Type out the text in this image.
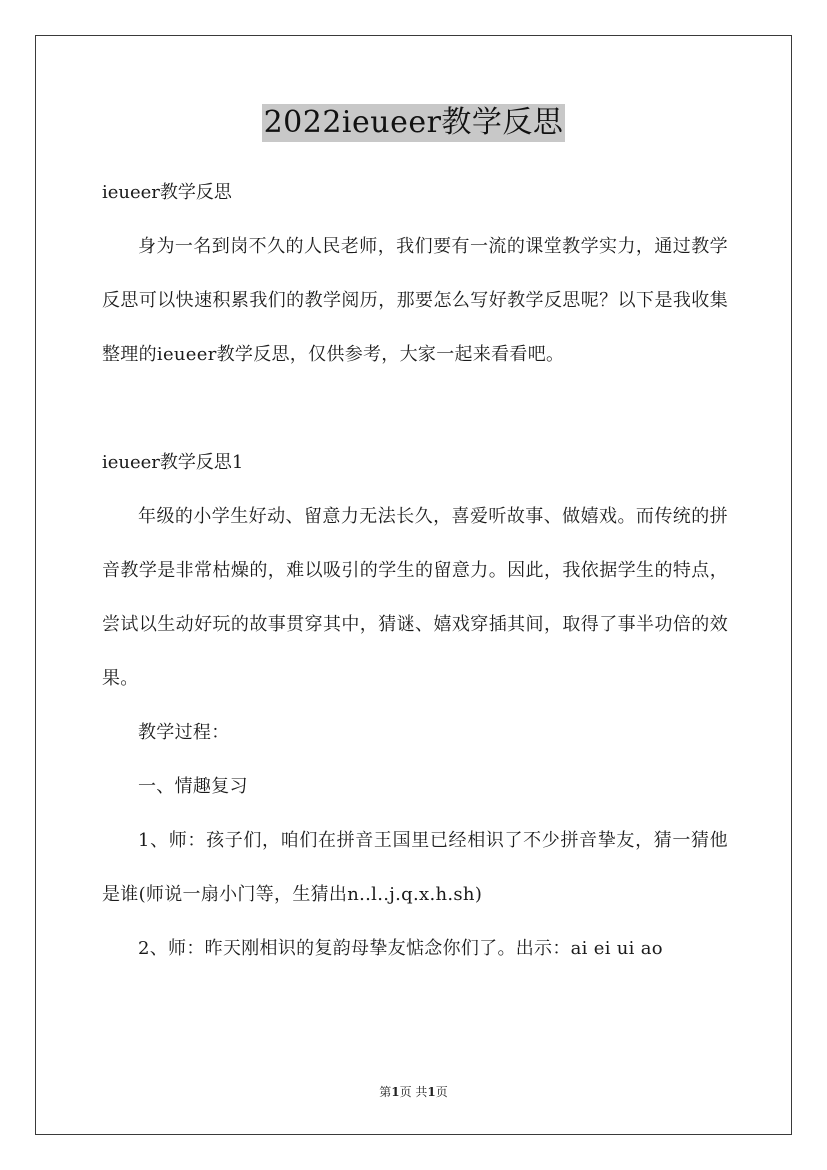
2022ieueer教学反思

ieueer教学反思

身为一名到岗不久的人民老师，我们要有一流的课堂教学实力，通过教学反思可以快速积累我们的教学阅历，那要怎么写好教学反思呢？以下是我收集整理的ieueer教学反思，仅供参考，大家一起来看看吧。

ieueer教学反思1

年级的小学生好动、留意力无法长久，喜爱听故事、做嬉戏。而传统的拼音教学是非常枯燥的，难以吸引的学生的留意力。因此，我依据学生的特点，尝试以生动好玩的故事贯穿其中，猜谜、嬉戏穿插其间，取得了事半功倍的效果。

教学过程：

一、情趣复习

1、师：孩子们，咱们在拼音王国里已经相识了不少拼音挚友，猜一猜他是谁(师说一扇小门等，生猜出n..l..j.q.x.h.sh)

2、师：昨天刚相识的复韵母挚友惦念你们了。出示：ai ei ui ao

第1页 共1页
